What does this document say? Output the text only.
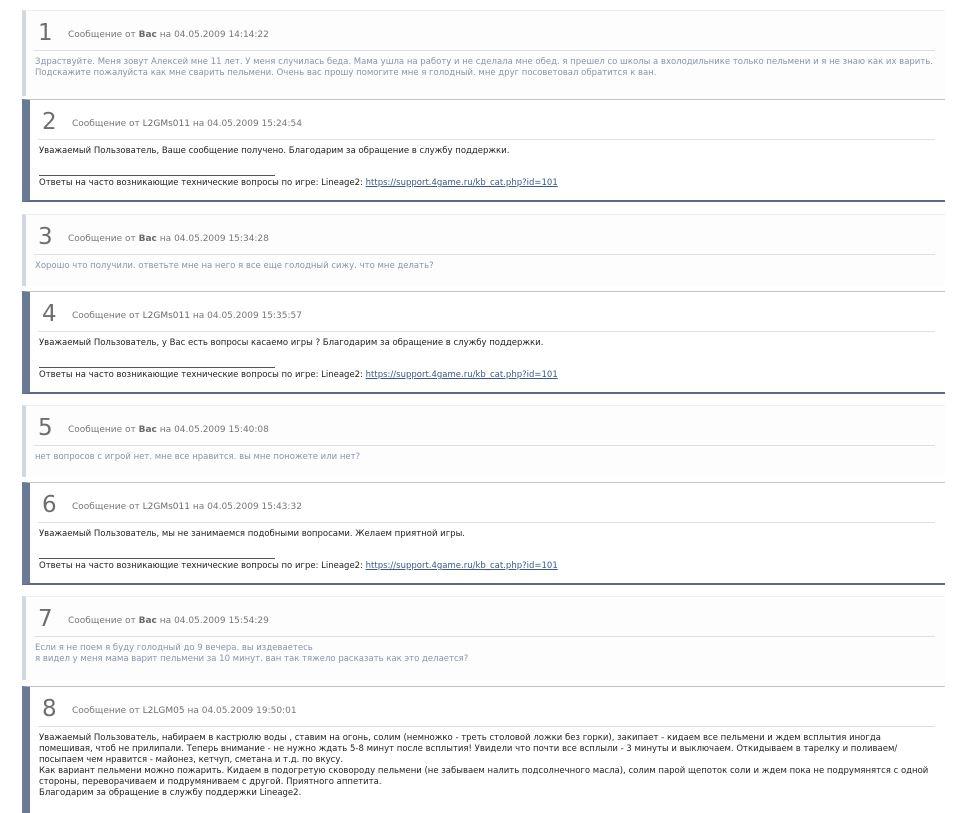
1 Сообщение от Вас на 04.05.2009 14:14:22
Здраствуйте. Меня зовут Алексей мне 11 лет. У меня случилась беда. Мама ушла на работу и не сделала мне обед. я прешел со школы а вхолодильнике только пельмени и я не знаю как их варить. Подскажите пожалуйста как мне сварить пельмени. Очень вас прошу помогите мне я голодный. мне друг посоветовал обратится к ван.
2 Сообщение от L2GMs011 на 04.05.2009 15:24:54
Уважаемый Пользователь, Ваше сообщение получено. Благодарим за обращение в службу поддержки.
Ответы на часто возникающие технические вопросы по игре: Lineage2: https://support.4game.ru/kb_cat.php?id=101
3 Сообщение от Вас на 04.05.2009 15:34:28
Хорошо что получили. ответьте мне на него я все еще голодный сижу. что мне делать?
4 Сообщение от L2GMs011 на 04.05.2009 15:35:57
Уважаемый Пользователь, у Вас есть вопросы касаемо игры ? Благодарим за обращение в службу поддержки.
Ответы на часто возникающие технические вопросы по игре: Lineage2: https://support.4game.ru/kb_cat.php?id=101
5 Сообщение от Вас на 04.05.2009 15:40:08
нет вопросов с игрой нет. мне все нравится. вы мне поножете или нет?
6 Сообщение от L2GMs011 на 04.05.2009 15:43:32
Уважаемый Пользователь, мы не занимаемся подобными вопросами. Желаем приятной игры.
Ответы на часто возникающие технические вопросы по игре: Lineage2: https://support.4game.ru/kb_cat.php?id=101
7 Сообщение от Вас на 04.05.2009 15:54:29
Если я не поем я буду голодный до 9 вечера. вы издеваетесь
я видел у меня мама варит пельмени за 10 минут. ван так тяжело расказать как это делается?
8 Сообщение от L2LGM05 на 04.05.2009 19:50:01
Уважаемый Пользователь, набираем в кастрюлю воды , ставим на огонь, солим (немножко - треть столовой ложки без горки), закипает - кидаем все пельмени и ждем всплытия иногда помешивая, чтоб не прилипали. Теперь внимание - не нужно ждать 5-8 минут после всплытия! Увидели что почти все всплыли - 3 минуты и выключаем. Откидываем в тарелку и поливаем/посыпаем чем нравится - майонез, кетчуп, сметана и т.д. по вкусу.
Как вариант пельмени можно пожарить. Кидаем в подогретую сковороду пельмени (не забываем налить подсолнечного масла), солим парой щепоток соли и ждем пока не подрумянятся с одной стороны, переворачиваем и подрумяниваем с другой. Приятного аппетита.
Благодарим за обращение в службу поддержки Lineage2.
